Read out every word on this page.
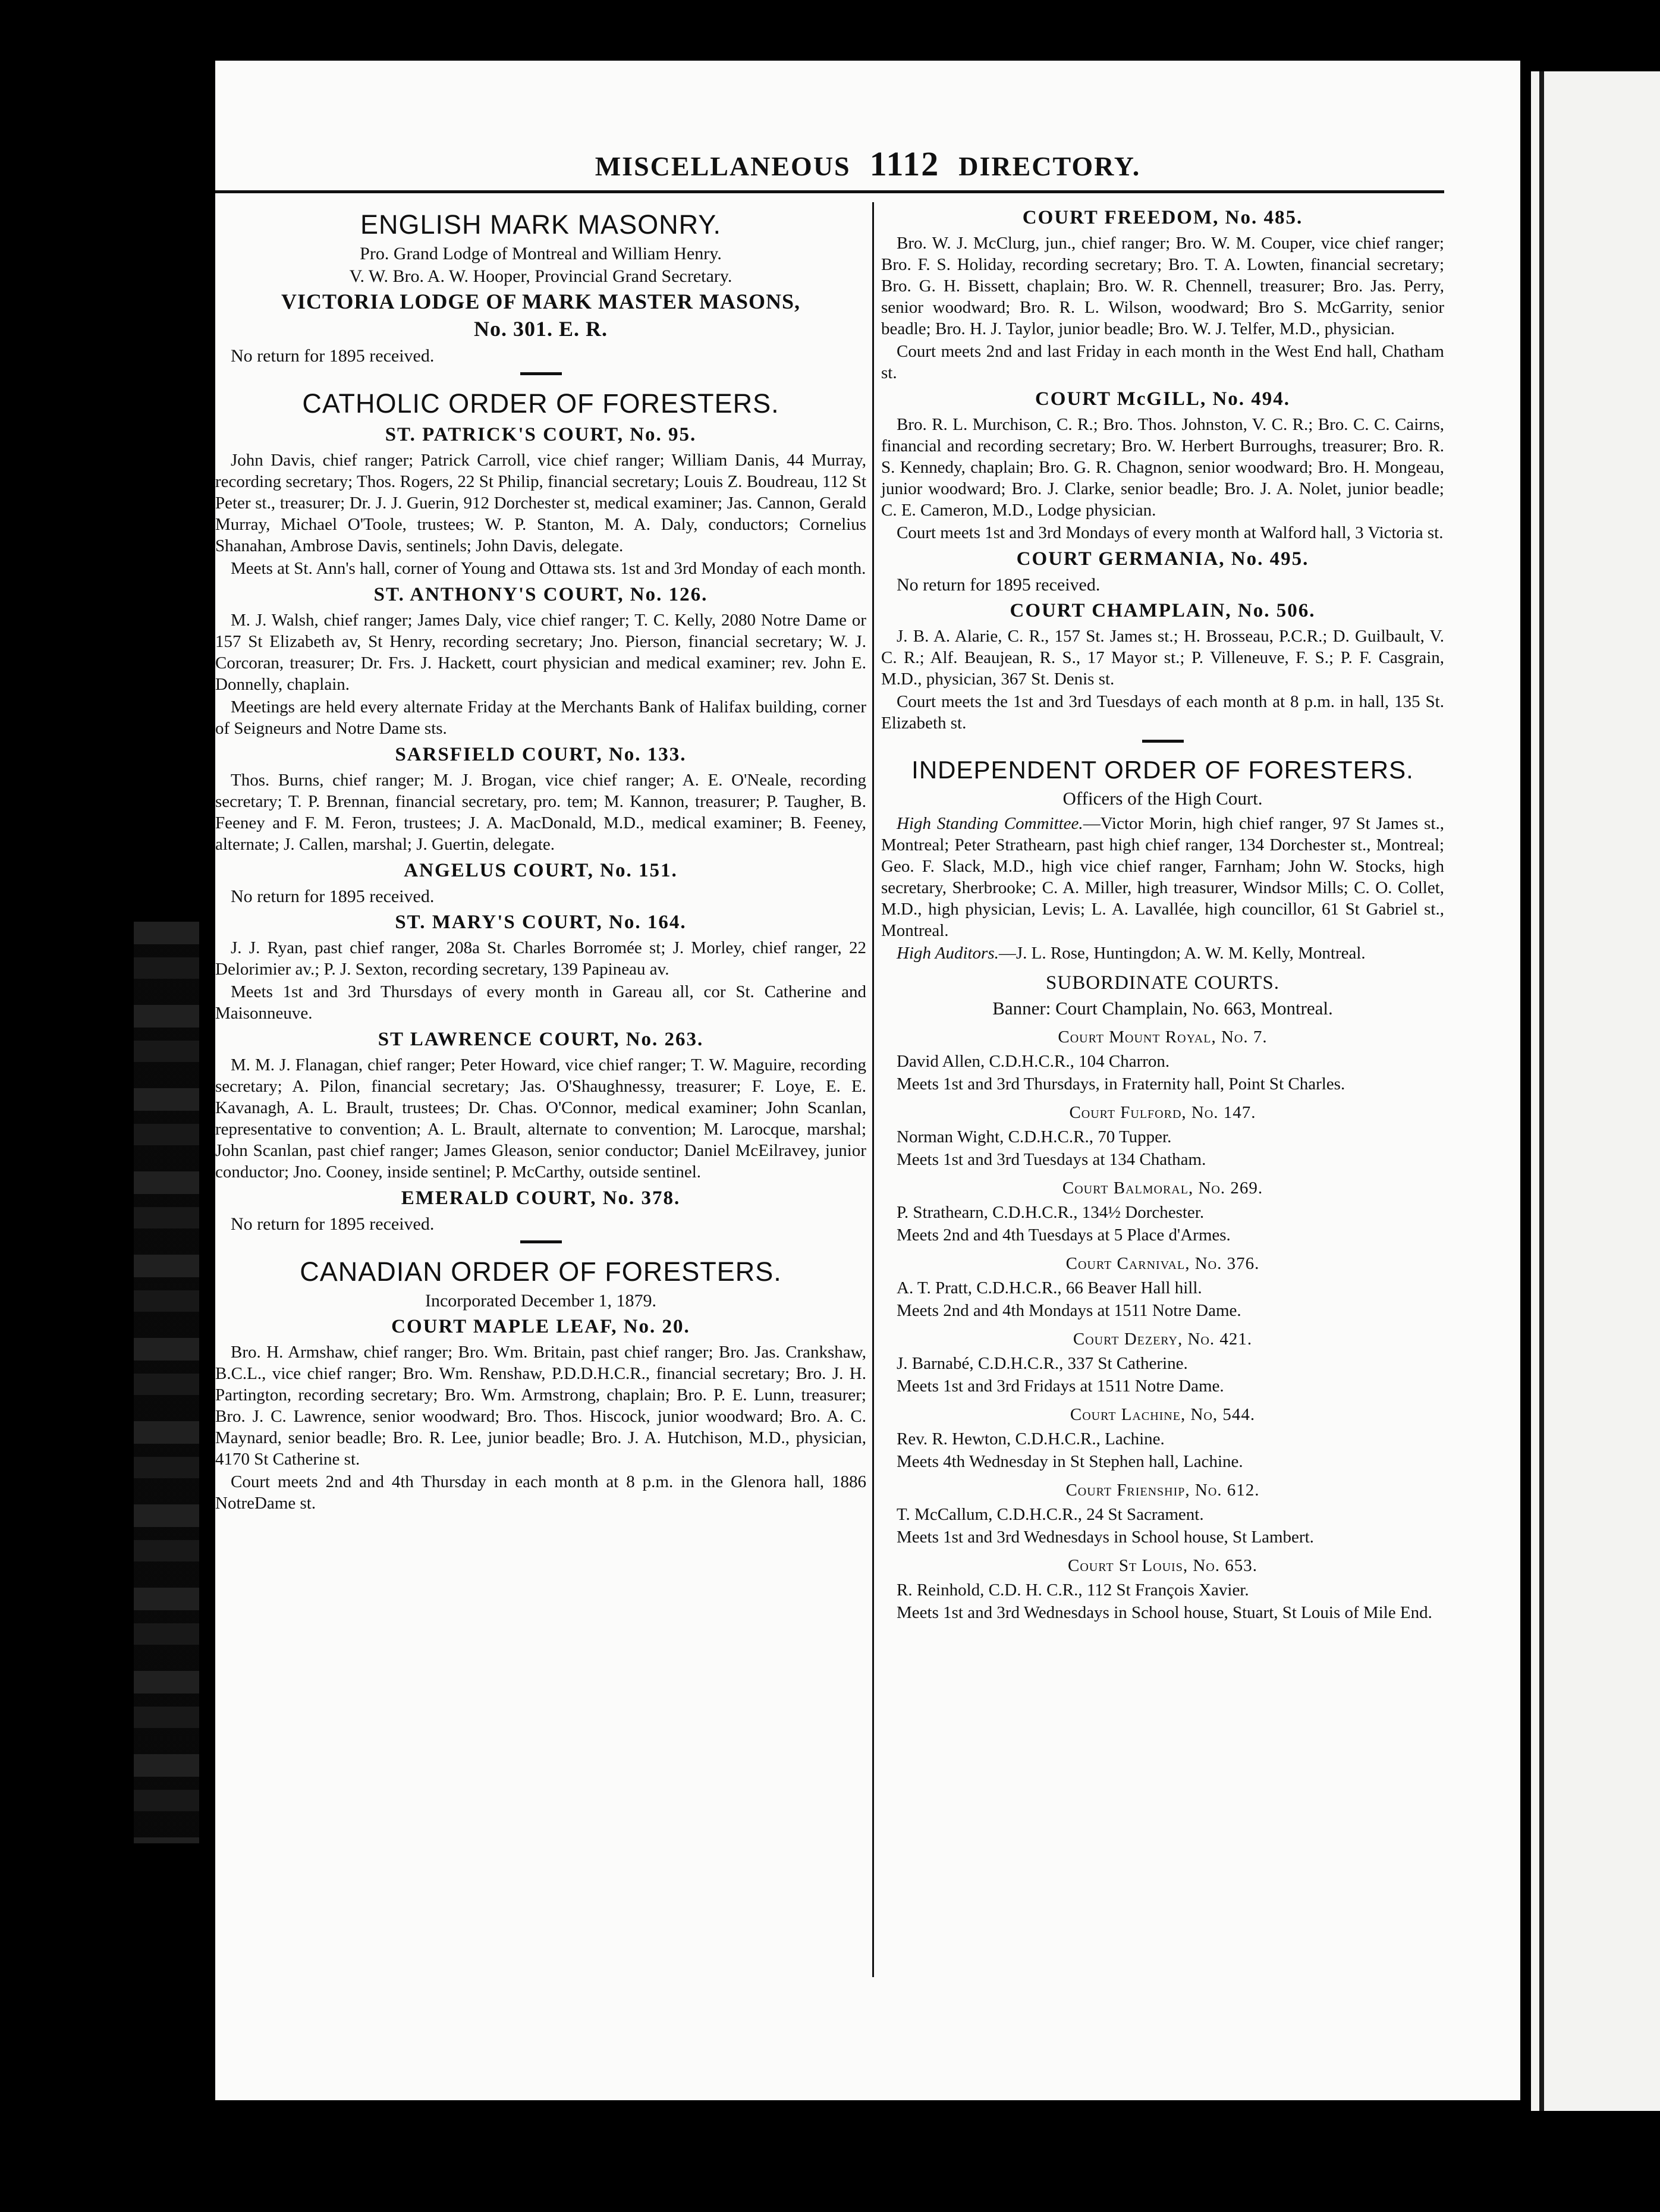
MISCELLANEOUS 1112 DIRECTORY.
ENGLISH MARK MASONRY.
Pro. Grand Lodge of Montreal and William Henry.
V. W. Bro. A. W. Hooper, Provincial Grand Secretary.
VICTORIA LODGE OF MARK MASTER MASONS,
No. 301. E. R.
No return for 1895 received.
CATHOLIC ORDER OF FORESTERS.
ST. PATRICK'S COURT, No. 95.
John Davis, chief ranger; Patrick Carroll, vice chief ranger; William Danis, 44 Murray, recording secretary; Thos. Rogers, 22 St Philip, financial secretary; Louis Z. Boudreau, 112 St Peter st., treasurer; Dr. J. J. Guerin, 912 Dorchester st, medical examiner; Jas. Cannon, Gerald Murray, Michael O'Toole, trustees; W. P. Stanton, M. A. Daly, conductors; Cornelius Shanahan, Ambrose Davis, sentinels; John Davis, delegate.
Meets at St. Ann's hall, corner of Young and Ottawa sts. 1st and 3rd Monday of each month.
ST. ANTHONY'S COURT, No. 126.
M. J. Walsh, chief ranger; James Daly, vice chief ranger; T. C. Kelly, 2080 Notre Dame or 157 St Elizabeth av, St Henry, recording secretary; Jno. Pierson, financial secretary; W. J. Corcoran, treasurer; Dr. Frs. J. Hackett, court physician and medical examiner; rev. John E. Donnelly, chaplain.
Meetings are held every alternate Friday at the Merchants Bank of Halifax building, corner of Seigneurs and Notre Dame sts.
SARSFIELD COURT, No. 133.
Thos. Burns, chief ranger; M. J. Brogan, vice chief ranger; A. E. O'Neale, recording secretary; T. P. Brennan, financial secretary, pro. tem; M. Kannon, treasurer; P. Taugher, B. Feeney and F. M. Feron, trustees; J. A. MacDonald, M.D., medical examiner; B. Feeney, alternate; J. Callen, marshal; J. Guertin, delegate.
ANGELUS COURT, No. 151.
No return for 1895 received.
ST. MARY'S COURT, No. 164.
J. J. Ryan, past chief ranger, 208a St. Charles Borromée st; J. Morley, chief ranger, 22 Delorimier av.; P. J. Sexton, recording secretary, 139 Papineau av.
Meets 1st and 3rd Thursdays of every month in Gareau all, cor St. Catherine and Maisonneuve.
ST LAWRENCE COURT, No. 263.
M. M. J. Flanagan, chief ranger; Peter Howard, vice chief ranger; T. W. Maguire, recording secretary; A. Pilon, financial secretary; Jas. O'Shaughnessy, treasurer; F. Loye, E. E. Kavanagh, A. L. Brault, trustees; Dr. Chas. O'Connor, medical examiner; John Scanlan, representative to convention; A. L. Brault, alternate to convention; M. Larocque, marshal; John Scanlan, past chief ranger; James Gleason, senior conductor; Daniel McEilravey, junior conductor; Jno. Cooney, inside sentinel; P. McCarthy, outside sentinel.
EMERALD COURT, No. 378.
No return for 1895 received.
CANADIAN ORDER OF FORESTERS.
Incorporated December 1, 1879.
COURT MAPLE LEAF, No. 20.
Bro. H. Armshaw, chief ranger; Bro. Wm. Britain, past chief ranger; Bro. Jas. Crankshaw, B.C.L., vice chief ranger; Bro. Wm. Renshaw, P.D.D.H.C.R., financial secretary; Bro. J. H. Partington, recording secretary; Bro. Wm. Armstrong, chaplain; Bro. P. E. Lunn, treasurer; Bro. J. C. Lawrence, senior woodward; Bro. Thos. Hiscock, junior woodward; Bro. A. C. Maynard, senior beadle; Bro. R. Lee, junior beadle; Bro. J. A. Hutchison, M.D., physician, 4170 St Catherine st.
Court meets 2nd and 4th Thursday in each month at 8 p.m. in the Glenora hall, 1886 NotreDame st.
COURT FREEDOM, No. 485.
Bro. W. J. McClurg, jun., chief ranger; Bro. W. M. Couper, vice chief ranger; Bro. F. S. Holiday, recording secretary; Bro. T. A. Lowten, financial secretary; Bro. G. H. Bissett, chaplain; Bro. W. R. Chennell, treasurer; Bro. Jas. Perry, senior woodward; Bro. R. L. Wilson, woodward; Bro S. McGarrity, senior beadle; Bro. H. J. Taylor, junior beadle; Bro. W. J. Telfer, M.D., physician.
Court meets 2nd and last Friday in each month in the West End hall, Chatham st.
COURT McGILL, No. 494.
Bro. R. L. Murchison, C. R.; Bro. Thos. Johnston, V. C. R.; Bro. C. C. Cairns, financial and recording secretary; Bro. W. Herbert Burroughs, treasurer; Bro. R. S. Kennedy, chaplain; Bro. G. R. Chagnon, senior woodward; Bro. H. Mongeau, junior woodward; Bro. J. Clarke, senior beadle; Bro. J. A. Nolet, junior beadle; C. E. Cameron, M.D., Lodge physician.
Court meets 1st and 3rd Mondays of every month at Walford hall, 3 Victoria st.
COURT GERMANIA, No. 495.
No return for 1895 received.
COURT CHAMPLAIN, No. 506.
J. B. A. Alarie, C. R., 157 St. James st.; H. Brosseau, P.C.R.; D. Guilbault, V. C. R.; Alf. Beaujean, R. S., 17 Mayor st.; P. Villeneuve, F. S.; P. F. Casgrain, M.D., physician, 367 St. Denis st.
Court meets the 1st and 3rd Tuesdays of each month at 8 p.m. in hall, 135 St. Elizabeth st.
INDEPENDENT ORDER OF FORESTERS.
Officers of the High Court.
High Standing Committee.—Victor Morin, high chief ranger, 97 St James st., Montreal; Peter Strathearn, past high chief ranger, 134 Dorchester st., Montreal; Geo. F. Slack, M.D., high vice chief ranger, Farnham; John W. Stocks, high secretary, Sherbrooke; C. A. Miller, high treasurer, Windsor Mills; C. O. Collet, M.D., high physician, Levis; L. A. Lavallée, high councillor, 61 St Gabriel st., Montreal.
High Auditors.—J. L. Rose, Huntingdon; A. W. M. Kelly, Montreal.
SUBORDINATE COURTS.
Banner: Court Champlain, No. 663, Montreal.
Court Mount Royal, No. 7.
David Allen, C.D.H.C.R., 104 Charron.
Meets 1st and 3rd Thursdays, in Fraternity hall, Point St Charles.
Court Fulford, No. 147.
Norman Wight, C.D.H.C.R., 70 Tupper.
Meets 1st and 3rd Tuesdays at 134 Chatham.
Court Balmoral, No. 269.
P. Strathearn, C.D.H.C.R., 134½ Dorchester.
Meets 2nd and 4th Tuesdays at 5 Place d'Armes.
Court Carnival, No. 376.
A. T. Pratt, C.D.H.C.R., 66 Beaver Hall hill.
Meets 2nd and 4th Mondays at 1511 Notre Dame.
Court Dezery, No. 421.
J. Barnabé, C.D.H.C.R., 337 St Catherine.
Meets 1st and 3rd Fridays at 1511 Notre Dame.
Court Lachine, No, 544.
Rev. R. Hewton, C.D.H.C.R., Lachine.
Meets 4th Wednesday in St Stephen hall, Lachine.
Court Frienship, No. 612.
T. McCallum, C.D.H.C.R., 24 St Sacrament.
Meets 1st and 3rd Wednesdays in School house, St Lambert.
Court St Louis, No. 653.
R. Reinhold, C.D. H. C.R., 112 St François Xavier.
Meets 1st and 3rd Wednesdays in School house, Stuart, St Louis of Mile End.
